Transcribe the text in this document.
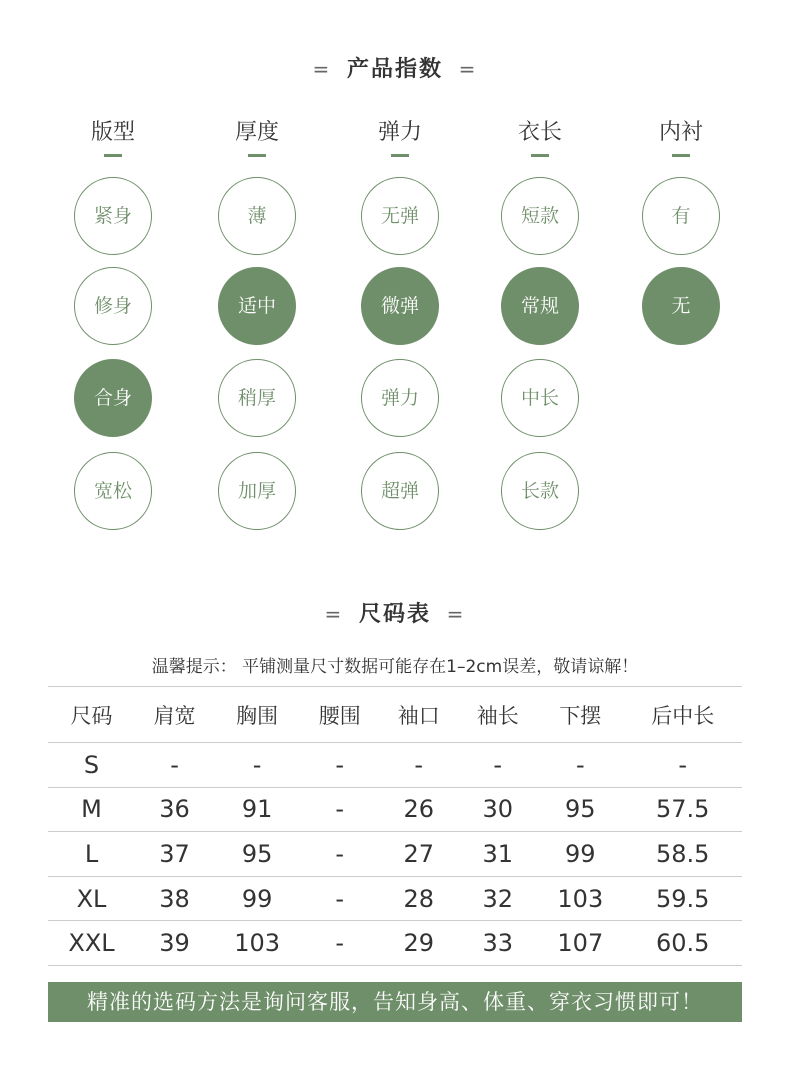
= 产品指数 =
版型
紧身
修身
合身
宽松
厚度
薄
适中
稍厚
加厚
弹力
无弹
微弹
弹力
超弹
衣长
短款
常规
中长
长款
内衬
有
无
= 尺码表 =
温馨提示： 平铺测量尺寸数据可能存在1–2cm误差，敬请谅解！
尺码	肩宽	胸围	腰围	袖口	袖长	下摆	后中长
S	-	-	-	-	-	-	-
M	36	91	-	26	30	95	57.5
L	37	95	-	27	31	99	58.5
XL	38	99	-	28	32	103	59.5
XXL	39	103	-	29	33	107	60.5
精准的选码方法是询问客服，告知身高、体重、穿衣习惯即可！
